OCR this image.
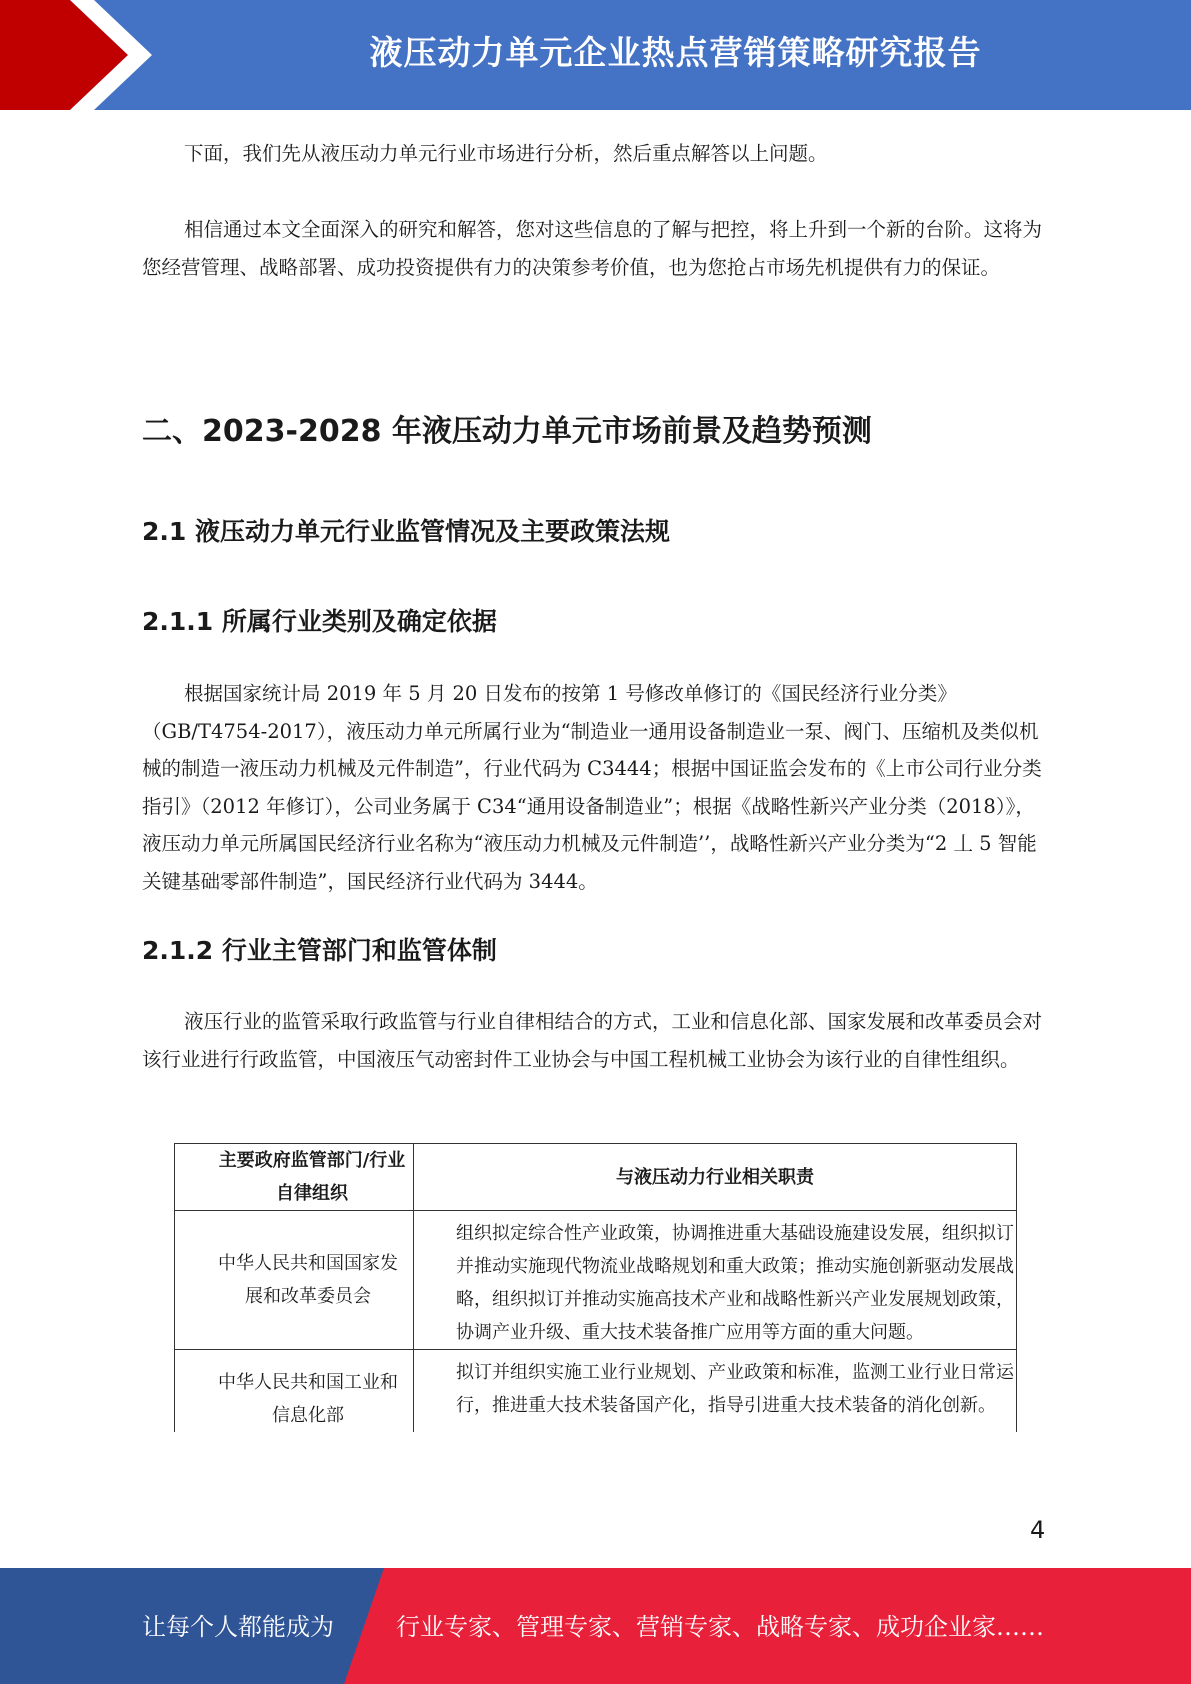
液压动力单元企业热点营销策略研究报告

下面，我们先从液压动力单元行业市场进行分析，然后重点解答以上问题。

相信通过本文全面深入的研究和解答，您对这些信息的了解与把控，将上升到一个新的台阶。这将为您经营管理、战略部署、成功投资提供有力的决策参考价值，也为您抢占市场先机提供有力的保证。

二、2023-2028 年液压动力单元市场前景及趋势预测
2.1 液压动力单元行业监管情况及主要政策法规
2.1.1 所属行业类别及确定依据

根据国家统计局 2019 年 5 月 20 日发布的按第 1 号修改单修订的《国民经济行业分类》（GB/T4754-2017），液压动力单元所属行业为“制造业一通用设备制造业一泵、阀门、压缩机及类似机械的制造一液压动力机械及元件制造”，行业代码为 C3444；根据中国证监会发布的《上市公司行业分类指引》（2012 年修订），公司业务属于 C34“通用设备制造业”；根据《战略性新兴产业分类（2018）》，液压动力单元所属国民经济行业名称为“液压动力机械及元件制造’’，战略性新兴产业分类为“2 丄 5 智能关键基础零部件制造”，国民经济行业代码为 3444。

2.1.2 行业主管部门和监管体制

液压行业的监管采取行政监管与行业自律相结合的方式，工业和信息化部、国家发展和改革委员会对该行业进行行政监管，中国液压气动密封件工业协会与中国工程机械工业协会为该行业的自律性组织。

主要政府监管部门/行业自律组织	与液压动力行业相关职责
中华人民共和国国家发展和改革委员会	组织拟定综合性产业政策，协调推进重大基础设施建设发展，组织拟订并推动实施现代物流业战略规划和重大政策；推动实施创新驱动发展战略，组织拟订并推动实施高技术产业和战略性新兴产业发展规划政策，协调产业升级、重大技术装备推广应用等方面的重大问题。
中华人民共和国工业和信息化部	拟订并组织实施工业行业规划、产业政策和标准，监测工业行业日常运行，推进重大技术装备国产化，指导引进重大技术装备的消化创新。
4
让每个人都能成为	行业专家、管理专家、营销专家、战略专家、成功企业家……
